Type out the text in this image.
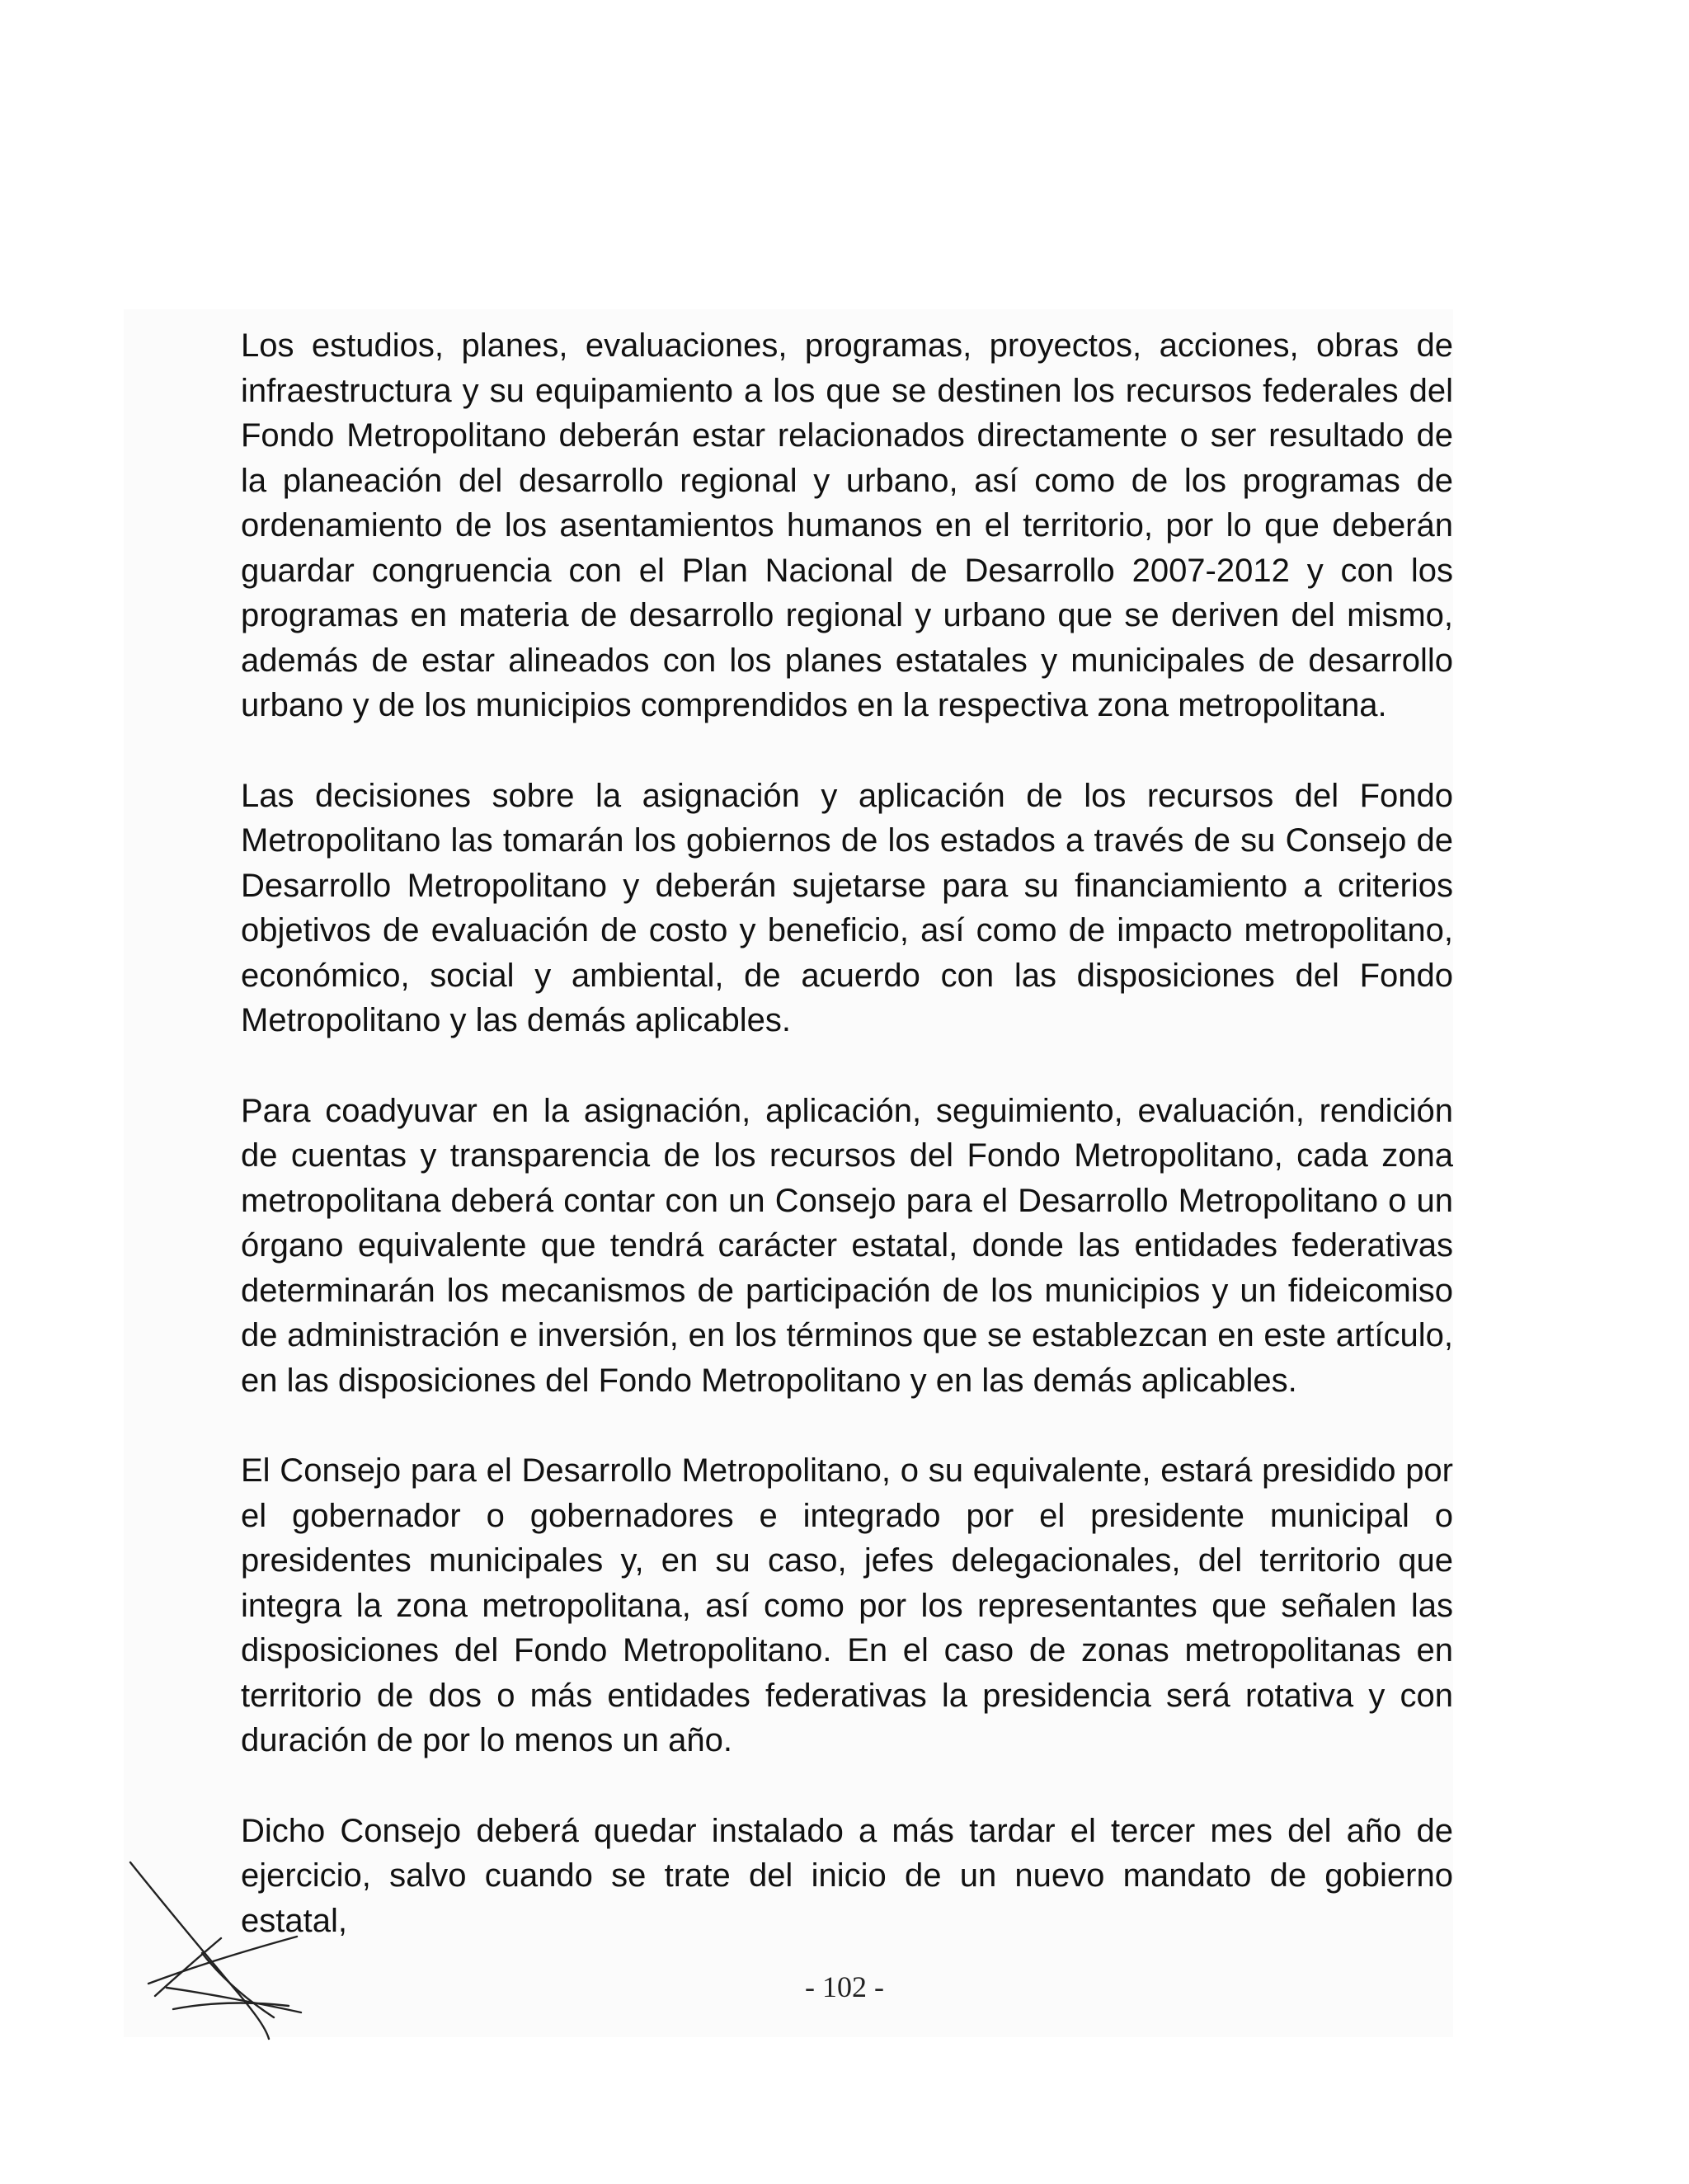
Los estudios, planes, evaluaciones, programas, proyectos, acciones, obras de infraestructura y su equipamiento a los que se destinen los recursos federales del Fondo Metropolitano deberán estar relacionados directamente o ser resultado de la planeación del desarrollo regional y urbano, así como de los programas de ordenamiento de los asentamientos humanos en el territorio, por lo que deberán guardar congruencia con el Plan Nacional de Desarrollo 2007-2012 y con los programas en materia de desarrollo regional y urbano que se deriven del mismo, además de estar alineados con los planes estatales y municipales de desarrollo urbano y de los municipios comprendidos en la respectiva zona metropolitana.

Las decisiones sobre la asignación y aplicación de los recursos del Fondo Metropolitano las tomarán los gobiernos de los estados a través de su Consejo de Desarrollo Metropolitano y deberán sujetarse para su financiamiento a criterios objetivos de evaluación de costo y beneficio, así como de impacto metropolitano, económico, social y ambiental, de acuerdo con las disposiciones del Fondo Metropolitano y las demás aplicables.

Para coadyuvar en la asignación, aplicación, seguimiento, evaluación, rendición de cuentas y transparencia de los recursos del Fondo Metropolitano, cada zona metropolitana deberá contar con un Consejo para el Desarrollo Metropolitano o un órgano equivalente que tendrá carácter estatal, donde las entidades federativas determinarán los mecanismos de participación de los municipios y un fideicomiso de administración e inversión, en los términos que se establezcan en este artículo, en las disposiciones del Fondo Metropolitano y en las demás aplicables.

El Consejo para el Desarrollo Metropolitano, o su equivalente, estará presidido por el gobernador o gobernadores e integrado por el presidente municipal o presidentes municipales y, en su caso, jefes delegacionales, del territorio que integra la zona metropolitana, así como por los representantes que señalen las disposiciones del Fondo Metropolitano. En el caso de zonas metropolitanas en territorio de dos o más entidades federativas la presidencia será rotativa y con duración de por lo menos un año.

Dicho Consejo deberá quedar instalado a más tardar el tercer mes del año de ejercicio, salvo cuando se trate del inicio de un nuevo mandato de gobierno estatal,

- 102 -
